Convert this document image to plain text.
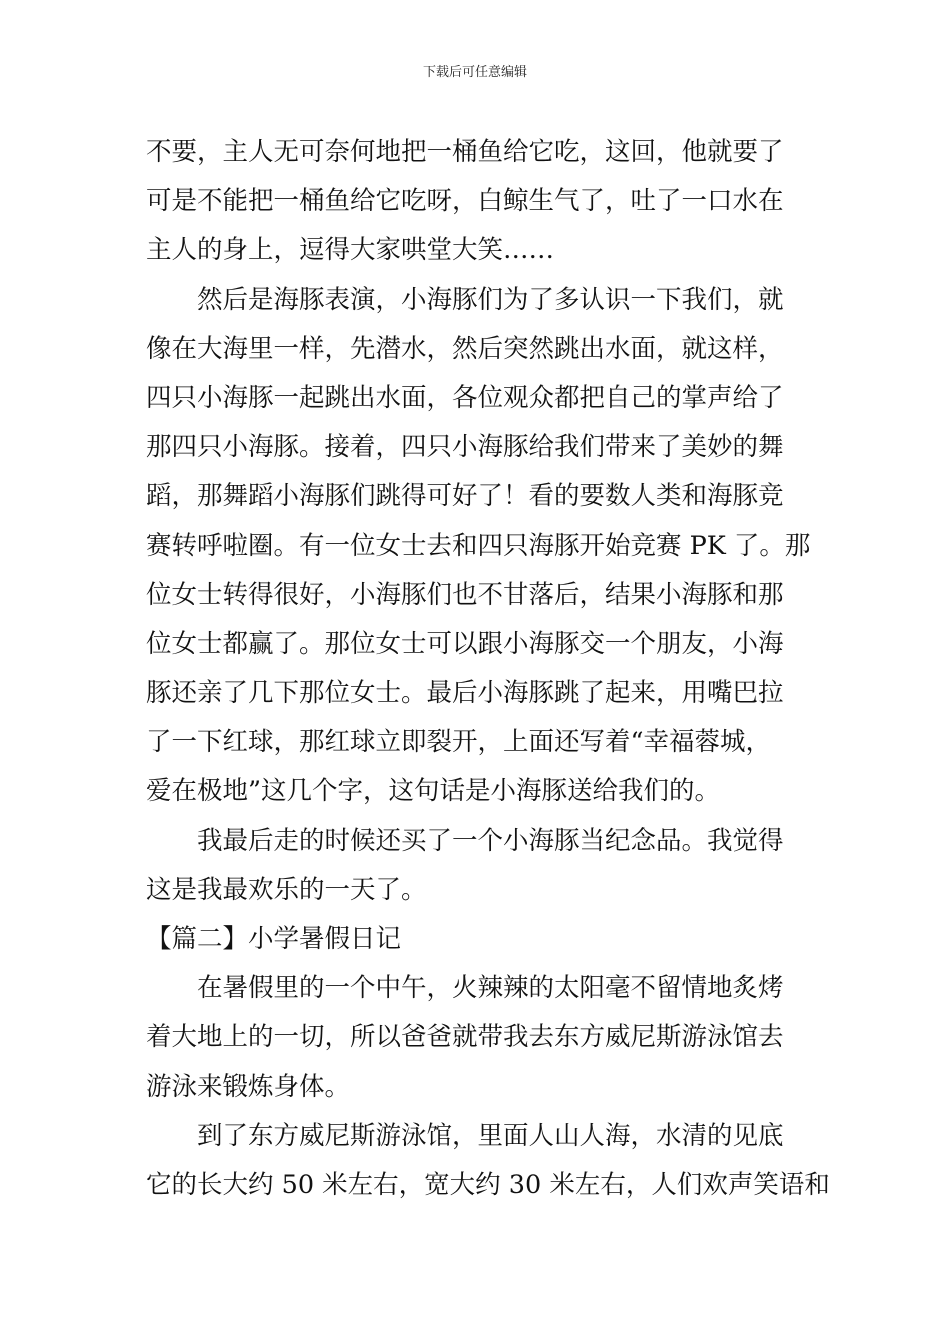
下载后可任意编辑
不要，主人无可奈何地把一桶鱼给它吃，这回，他就要了
可是不能把一桶鱼给它吃呀，白鲸生气了，吐了一口水在
主人的身上，逗得大家哄堂大笑……
然后是海豚表演，小海豚们为了多认识一下我们，就
像在大海里一样，先潜水，然后突然跳出水面，就这样，
四只小海豚一起跳出水面，各位观众都把自己的掌声给了
那四只小海豚。接着，四只小海豚给我们带来了美妙的舞
蹈，那舞蹈小海豚们跳得可好了！看的要数人类和海豚竞
赛转呼啦圈。有一位女士去和四只海豚开始竞赛 PK 了。那
位女士转得很好，小海豚们也不甘落后，结果小海豚和那
位女士都赢了。那位女士可以跟小海豚交一个朋友，小海
豚还亲了几下那位女士。最后小海豚跳了起来，用嘴巴拉
了一下红球，那红球立即裂开，上面还写着“幸福蓉城，
爱在极地”这几个字，这句话是小海豚送给我们的。
我最后走的时候还买了一个小海豚当纪念品。我觉得
这是我最欢乐的一天了。
【篇二】小学暑假日记
在暑假里的一个中午，火辣辣的太阳毫不留情地炙烤
着大地上的一切，所以爸爸就带我去东方威尼斯游泳馆去
游泳来锻炼身体。
到了东方威尼斯游泳馆，里面人山人海，水清的见底
它的长大约 50 米左右，宽大约 30 米左右，人们欢声笑语和
